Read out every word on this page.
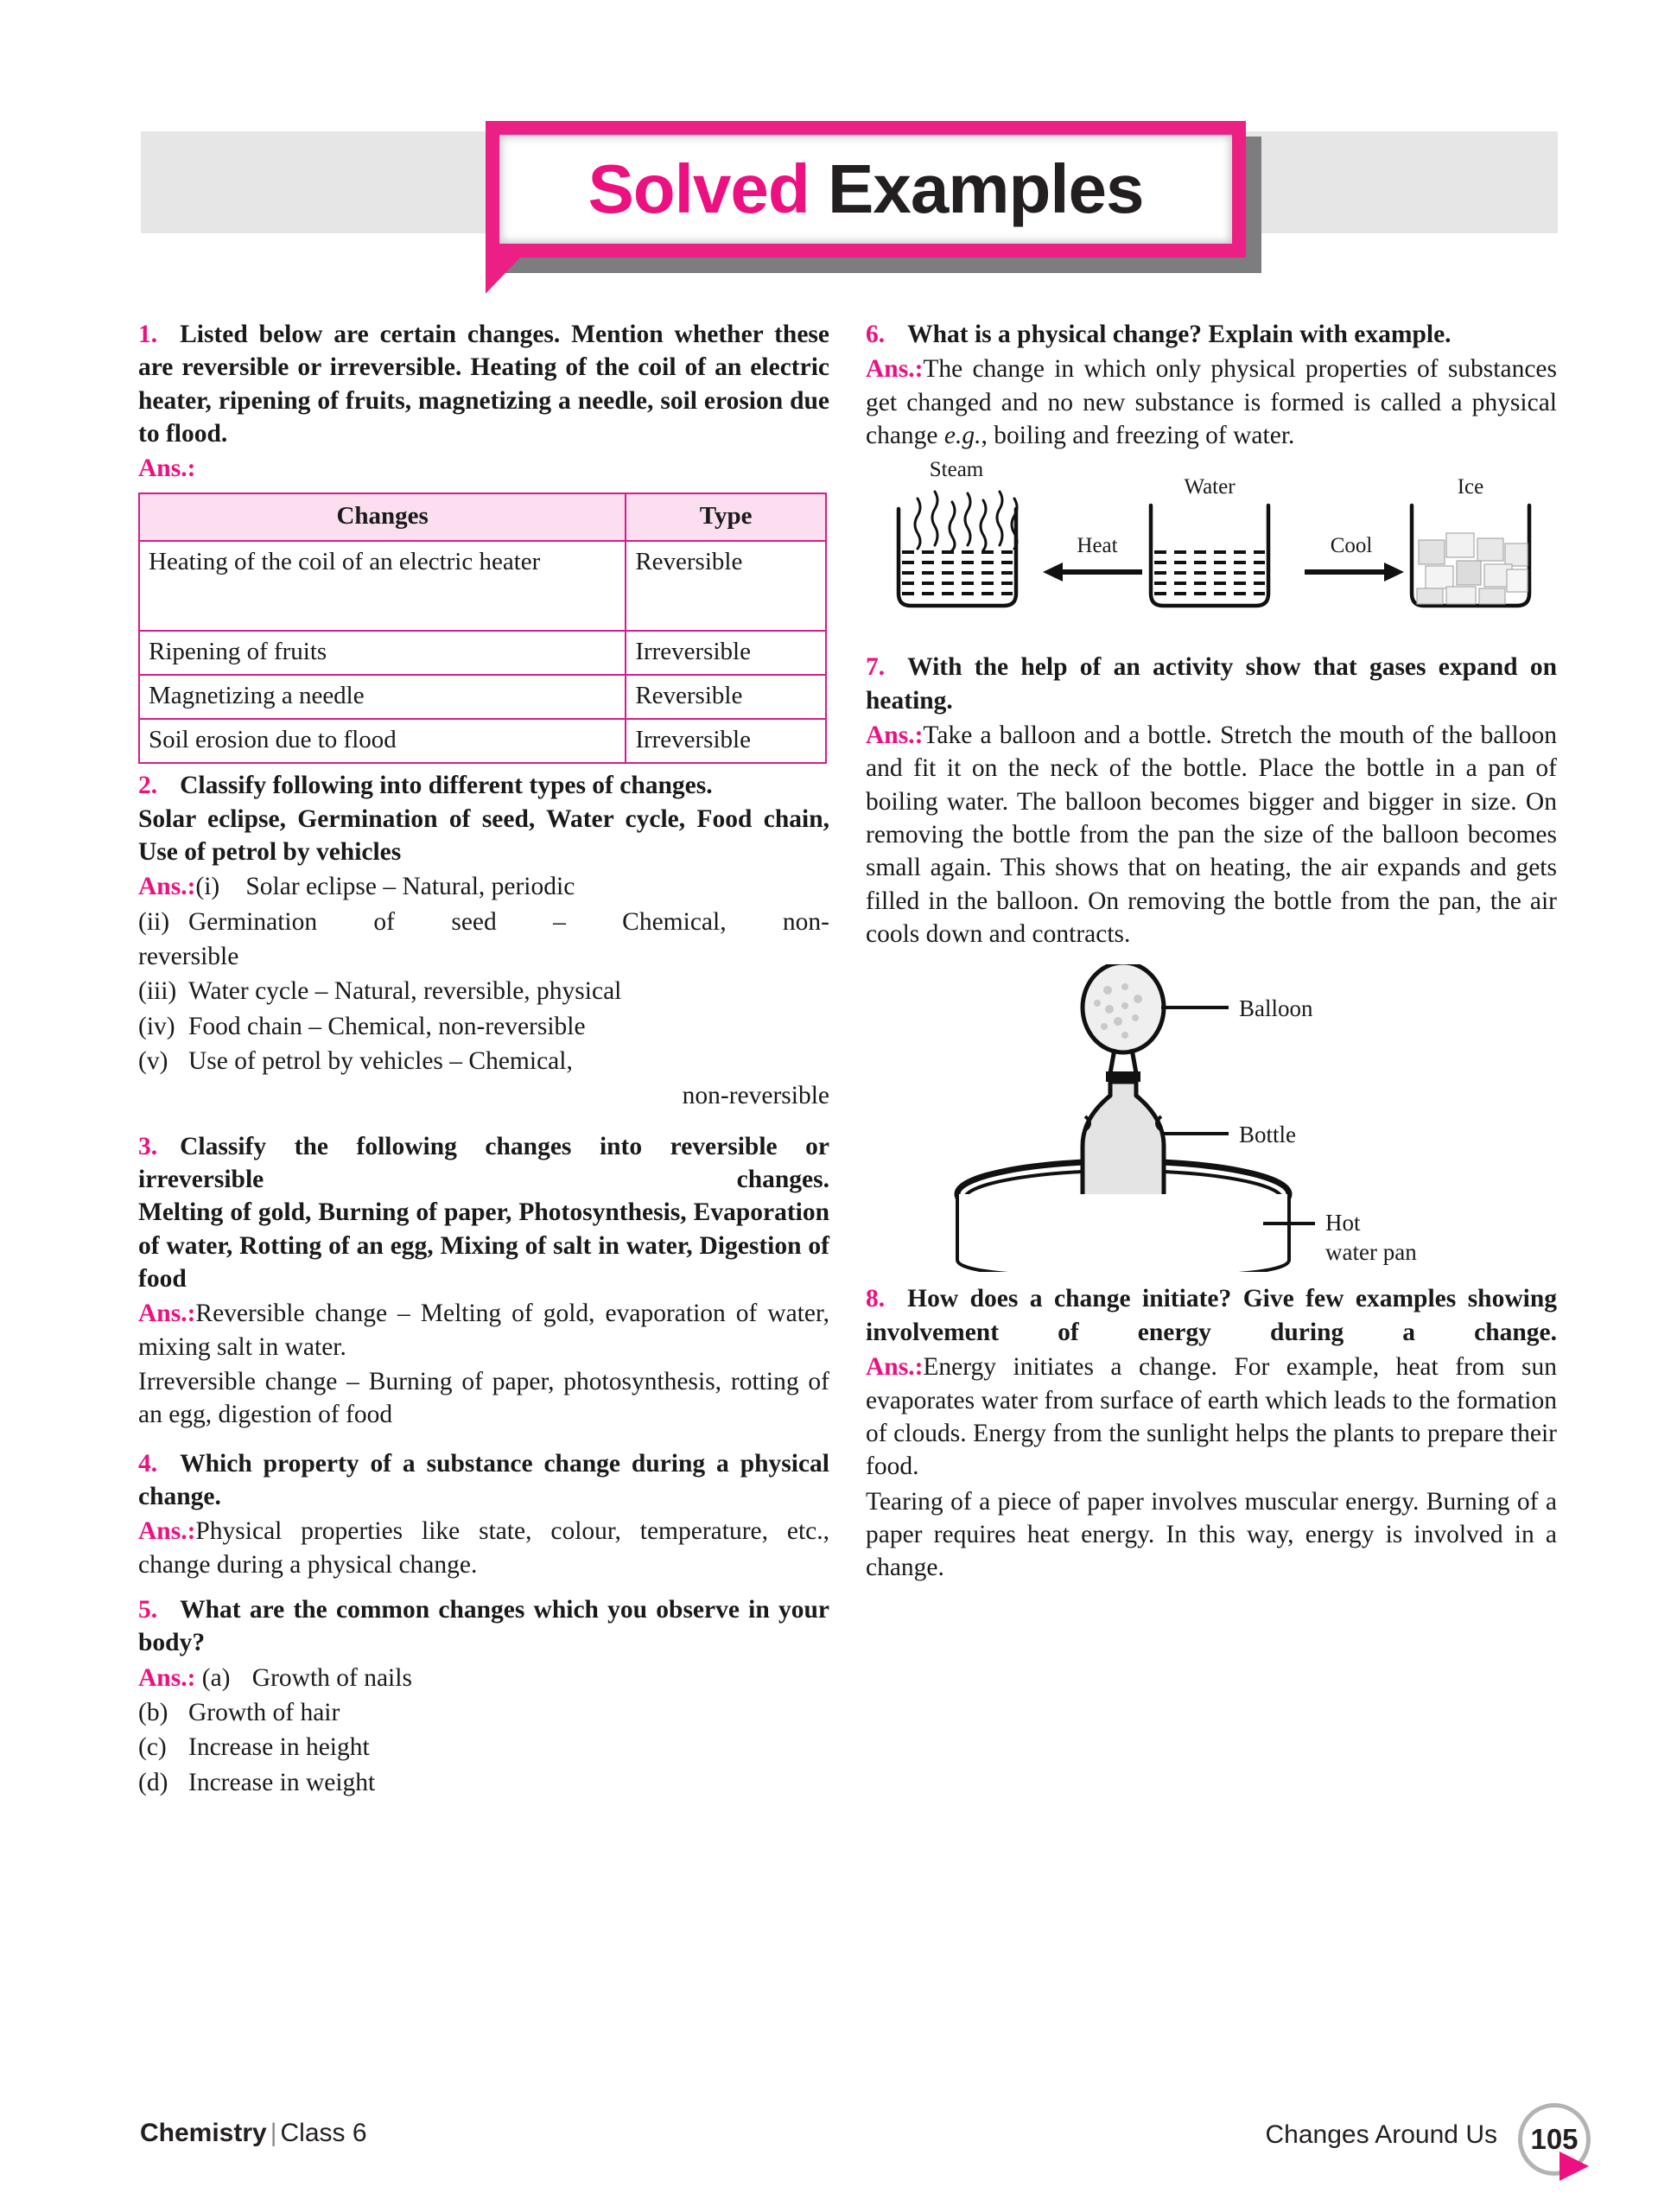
Solved Examples

1. Listed below are certain changes. Mention whether these are reversible or irreversible. Heating of the coil of an electric heater, ripening of fruits, magnetizing a needle, soil erosion due to flood.

Ans.:

Changes	Type
Heating of the coil of an electric heater	Reversible
Ripening of fruits	Irreversible
Magnetizing a needle	Reversible
Soil erosion due to flood	Irreversible

2. Classify following into different types of changes.

Solar eclipse, Germination of seed, Water cycle, Food chain, Use of petrol by vehicles

Ans.:(i) Solar eclipse – Natural, periodic

(ii) Germination of seed – Chemical, non-

reversible

(iii) Water cycle – Natural, reversible, physical

(iv) Food chain – Chemical, non-reversible

(v) Use of petrol by vehicles – Chemical,

non-reversible

3. Classify the following changes into reversible or irreversible changes.

Melting of gold, Burning of paper, Photosynthesis, Evaporation of water, Rotting of an egg, Mixing of salt in water, Digestion of food

Ans.:Reversible change – Melting of gold, evaporation of water, mixing salt in water.

Irreversible change – Burning of paper, photosynthesis, rotting of an egg, digestion of food

4. Which property of a substance change during a physical change.

Ans.:Physical properties like state, colour, temperature, etc., change during a physical change.

5. What are the common changes which you observe in your body?

Ans.: (a) Growth of nails

(b) Growth of hair

(c) Increase in height

(d) Increase in weight

6. What is a physical change? Explain with example.

Ans.:The change in which only physical properties of substances get changed and no new substance is formed is called a physical change e.g., boiling and freezing of water.

Steam
Heat
Water
Cool
Ice

7. With the help of an activity show that gases expand on heating.

Ans.:Take a balloon and a bottle. Stretch the mouth of the balloon and fit it on the neck of the bottle. Place the bottle in a pan of boiling water. The balloon becomes bigger and bigger in size. On removing the bottle from the pan the size of the balloon becomes small again. This shows that on heating, the air expands and gets filled in the balloon. On removing the bottle from the pan, the air cools down and contracts.

Balloon
Bottle
Hot
water pan

8. How does a change initiate? Give few examples showing involvement of energy during a change.

Ans.:Energy initiates a change. For example, heat from sun evaporates water from surface of earth which leads to the formation of clouds. Energy from the sunlight helps the plants to prepare their food.

Tearing of a piece of paper involves muscular energy. Burning of a paper requires heat energy. In this way, energy is involved in a change.

Chemistry | Class 6	Changes Around Us	105
